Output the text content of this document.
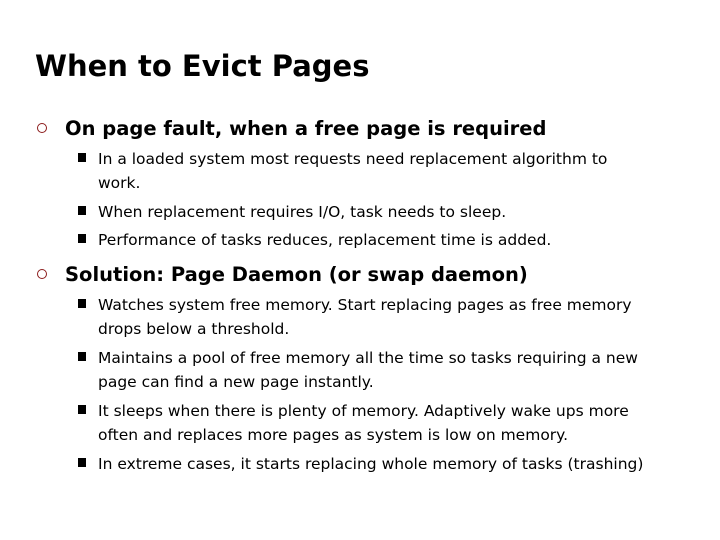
When to Evict Pages
On page fault, when a free page is required
In a loaded system most requests need replacement algorithm to work.
When replacement requires I/O, task needs to sleep.
Performance of tasks reduces, replacement time is added.
Solution: Page Daemon (or swap daemon)
Watches system free memory. Start replacing pages as free memory drops below a threshold.
Maintains a pool of free memory all the time so tasks requiring a new page can find a new page instantly.
It sleeps when there is plenty of memory. Adaptively wake ups more often and replaces more pages as system is low on memory.
In extreme cases, it starts replacing whole memory of tasks (trashing)
